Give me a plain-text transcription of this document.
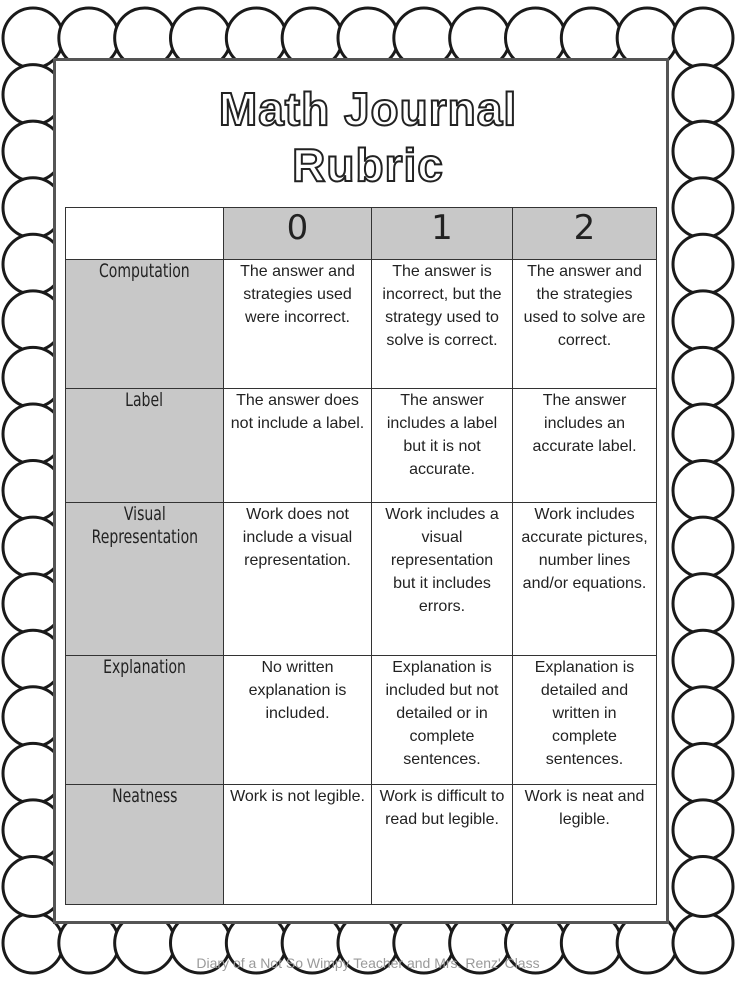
Math Journal
Rubric
	0	1	2
Computation	The answer and strategies used were incorrect.	The answer is incorrect, but the strategy used to solve is correct.	The answer and the strategies used to solve are correct.

Label	The answer does not include a label.	The answer includes a label but it is not accurate.	The answer includes an accurate label.

Visual
Representation	Work does not include a visual representation.	Work includes a visual representation but it includes errors.	Work includes accurate pictures, number lines and/or equations.

Explanation	No written explanation is included.	Explanation is included but not detailed or in complete sentences.	Explanation is detailed and written in complete sentences.

Neatness	Work is not legible.	Work is difficult to read but legible.	Work is neat and legible.
Diary of a Not So Wimpy Teacher and Mrs. Renz' Class
